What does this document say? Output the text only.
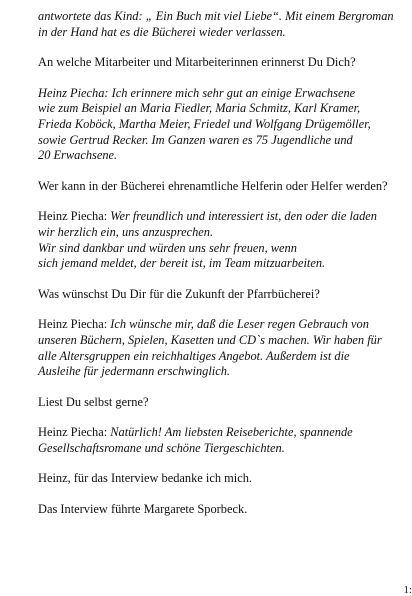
antwortete das Kind: „ Ein Buch mit viel Liebe“. Mit einem Bergroman
in der Hand hat es die Bücherei wieder verlassen.

An welche Mitarbeiter und Mitarbeiterinnen erinnerst Du Dich?

Heinz Piecha: Ich erinnere mich sehr gut an einige Erwachsene
wie zum Beispiel an Maria Fiedler, Maria Schmitz, Karl Kramer,
Frieda Koböck, Martha Meier, Friedel und Wolfgang Drügemöller,
sowie Gertrud Recker. Im Ganzen waren es 75 Jugendliche und
20 Erwachsene.

Wer kann in der Bücherei ehrenamtliche Helferin oder Helfer werden?

Heinz Piecha: Wer freundlich und interessiert ist, den oder die laden
wir herzlich ein, uns anzusprechen.
Wir sind dankbar und würden uns sehr freuen, wenn
sich jemand meldet, der bereit ist, im Team mitzuarbeiten.

Was wünschst Du Dir für die Zukunft der Pfarrbücherei?

Heinz Piecha: Ich wünsche mir, daß die Leser regen Gebrauch von
unseren Büchern, Spielen, Kasetten und CD`s machen. Wir haben für
alle Altersgruppen ein reichhaltiges Angebot. Außerdem ist die
Ausleihe für jedermann erschwinglich.

Liest Du selbst gerne?

Heinz Piecha: Natürlich! Am liebsten Reiseberichte, spannende
Gesellschaftsromane und schöne Tiergeschichten.

Heinz, für das Interview bedanke ich mich.

Das Interview führte Margarete Sporbeck.

1:
